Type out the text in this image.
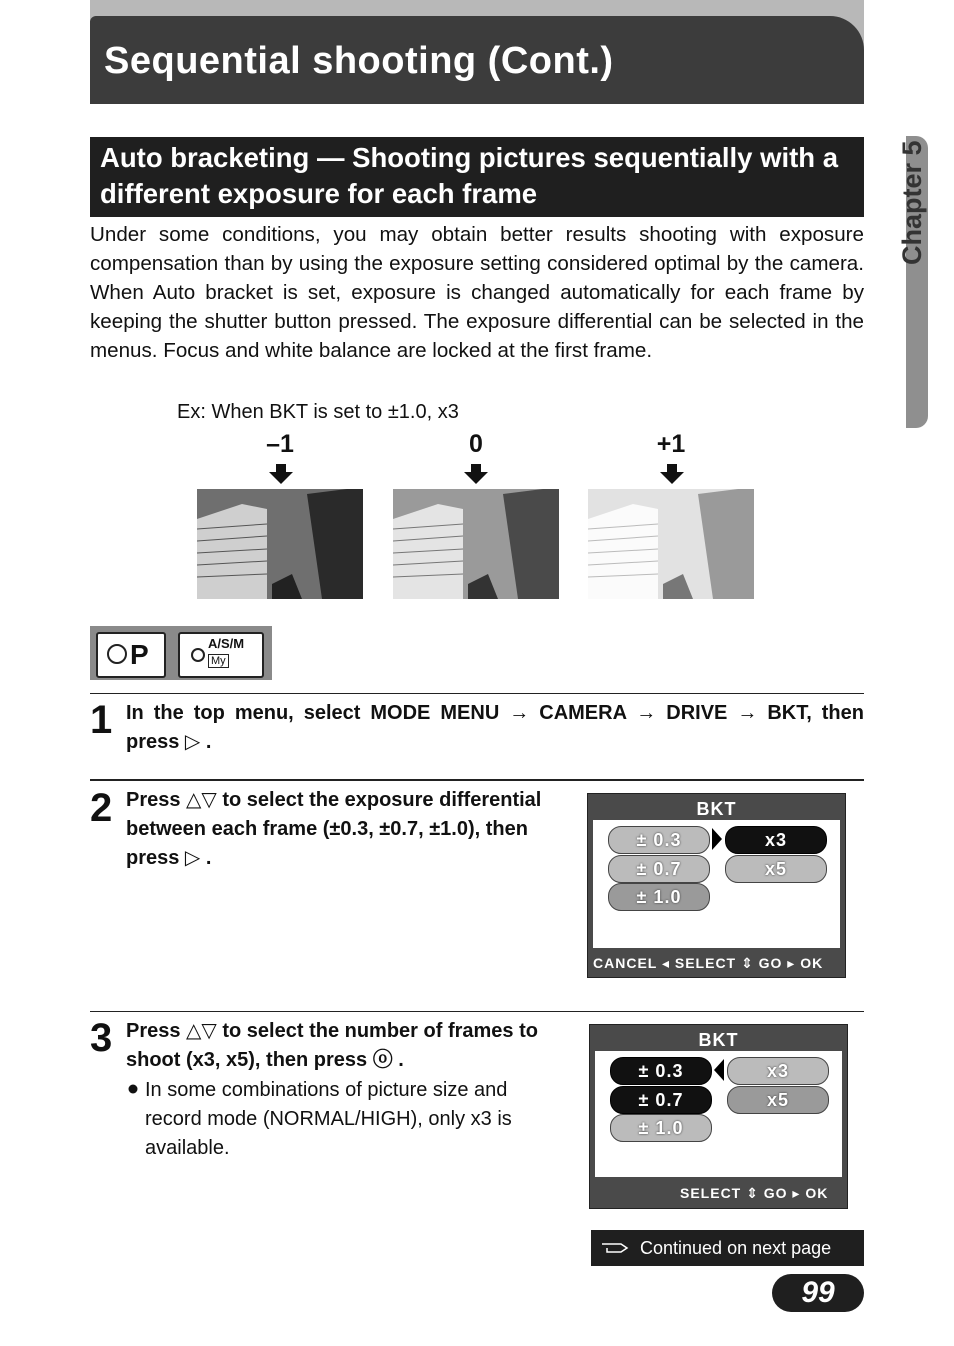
Sequential shooting (Cont.)
Chapter 5
Auto bracketing — Shooting pictures sequentially with a different exposure for each frame
Under some conditions, you may obtain better results shooting with exposure compensation than by using the exposure setting considered optimal by the camera. When Auto bracket is set, exposure is changed automatically for each frame by keeping the shutter button pressed. The exposure differential can be selected in the menus. Focus and white balance are locked at the first frame.
Ex: When BKT is set to ±1.0, x3
–1	0	+1
P	A/S/M
My
1 In the top menu, select MODE MENU → CAMERA → DRIVE → BKT, then press ▷ .
2 Press △▽ to select the exposure differential between each frame (±0.3, ±0.7, ±1.0), then press ▷ .
BKT
± 0.3
± 0.7
± 1.0
x3
x5
CANCEL ◂ SELECT ⇕ GO ▸ OK
3 Press △▽ to select the number of frames to shoot (x3, x5), then press ⓞ .
In some combinations of picture size and record mode (NORMAL/HIGH), only x3 is available.
BKT
± 0.3
± 0.7
± 1.0
x3
x5
SELECT ⇕ GO ▸ OK
Continued on next page
99
